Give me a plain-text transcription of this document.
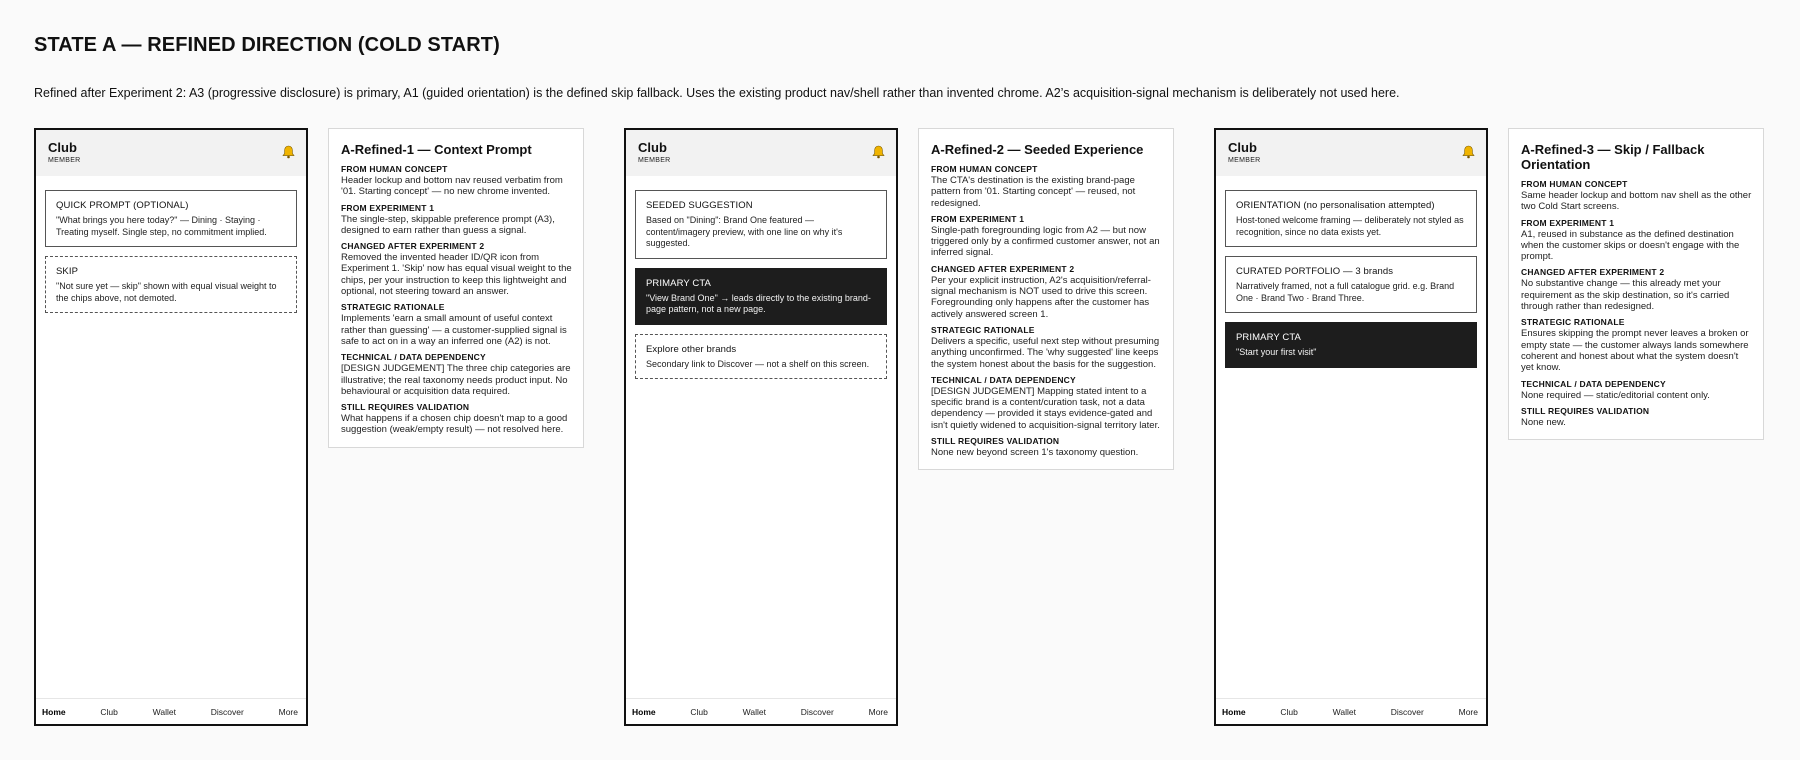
STATE A — REFINED DIRECTION (COLD START)
Refined after Experiment 2: A3 (progressive disclosure) is primary, A1 (guided orientation) is the defined skip fallback. Uses the existing product nav/shell rather than invented chrome. A2’s acquisition-signal mechanism is deliberately not used here.
Club
MEMBER
QUICK PROMPT (OPTIONAL)
"What brings you here today?" — Dining · Staying · Treating myself. Single step, no commitment implied.
SKIP
"Not sure yet — skip" shown with equal visual weight to the chips above, not demoted.
Home	Club	Wallet	Discover	More
A-Refined-1 — Context Prompt
FROM HUMAN CONCEPT
Header lockup and bottom nav reused verbatim from '01. Starting concept' — no new chrome invented.
FROM EXPERIMENT 1
The single-step, skippable preference prompt (A3), designed to earn rather than guess a signal.
CHANGED AFTER EXPERIMENT 2
Removed the invented header ID/QR icon from Experiment 1. 'Skip' now has equal visual weight to the chips, per your instruction to keep this lightweight and optional, not steering toward an answer.
STRATEGIC RATIONALE
Implements 'earn a small amount of useful context rather than guessing' — a customer-supplied signal is safe to act on in a way an inferred one (A2) is not.
TECHNICAL / DATA DEPENDENCY
[DESIGN JUDGEMENT] The three chip categories are illustrative; the real taxonomy needs product input. No behavioural or acquisition data required.
STILL REQUIRES VALIDATION
What happens if a chosen chip doesn't map to a good suggestion (weak/empty result) — not resolved here.
Club
MEMBER
SEEDED SUGGESTION
Based on "Dining": Brand One featured — content/imagery preview, with one line on why it's suggested.
PRIMARY CTA
"View Brand One" → leads directly to the existing brand-page pattern, not a new page.
Explore other brands
Secondary link to Discover — not a shelf on this screen.
Home	Club	Wallet	Discover	More
A-Refined-2 — Seeded Experience
FROM HUMAN CONCEPT
The CTA's destination is the existing brand-page pattern from '01. Starting concept' — reused, not redesigned.
FROM EXPERIMENT 1
Single-path foregrounding logic from A2 — but now triggered only by a confirmed customer answer, not an inferred signal.
CHANGED AFTER EXPERIMENT 2
Per your explicit instruction, A2's acquisition/referral-signal mechanism is NOT used to drive this screen. Foregrounding only happens after the customer has actively answered screen 1.
STRATEGIC RATIONALE
Delivers a specific, useful next step without presuming anything unconfirmed. The 'why suggested' line keeps the system honest about the basis for the suggestion.
TECHNICAL / DATA DEPENDENCY
[DESIGN JUDGEMENT] Mapping stated intent to a specific brand is a content/curation task, not a data dependency — provided it stays evidence-gated and isn't quietly widened to acquisition-signal territory later.
STILL REQUIRES VALIDATION
None new beyond screen 1's taxonomy question.
Club
MEMBER
ORIENTATION (no personalisation attempted)
Host-toned welcome framing — deliberately not styled as recognition, since no data exists yet.
CURATED PORTFOLIO — 3 brands
Narratively framed, not a full catalogue grid. e.g. Brand One · Brand Two · Brand Three.
PRIMARY CTA
"Start your first visit"
Home	Club	Wallet	Discover	More
A-Refined-3 — Skip / Fallback Orientation
FROM HUMAN CONCEPT
Same header lockup and bottom nav shell as the other two Cold Start screens.
FROM EXPERIMENT 1
A1, reused in substance as the defined destination when the customer skips or doesn't engage with the prompt.
CHANGED AFTER EXPERIMENT 2
No substantive change — this already met your requirement as the skip destination, so it's carried through rather than redesigned.
STRATEGIC RATIONALE
Ensures skipping the prompt never leaves a broken or empty state — the customer always lands somewhere coherent and honest about what the system doesn't yet know.
TECHNICAL / DATA DEPENDENCY
None required — static/editorial content only.
STILL REQUIRES VALIDATION
None new.
